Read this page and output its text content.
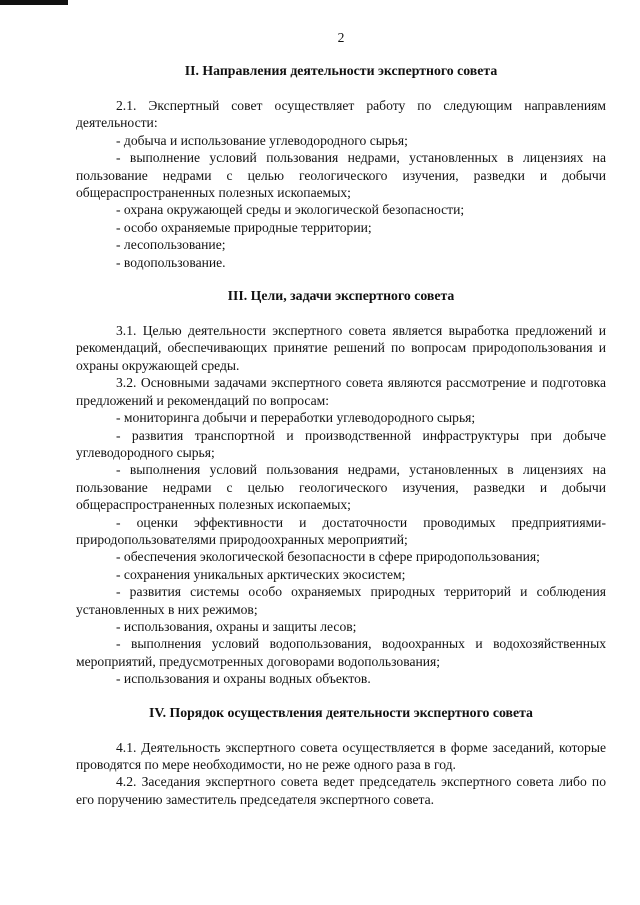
2
II. Направления деятельности экспертного совета

2.1. Экспертный совет осуществляет работу по следующим направлениям деятельности:

- добыча и использование углеводородного сырья;

- выполнение условий пользования недрами, установленных в лицензиях на пользование недрами с целью геологического изучения, разведки и добычи общераспространенных полезных ископаемых;

- охрана окружающей среды и экологической безопасности;

- особо охраняемые природные территории;

- лесопользование;

- водопользование.

III. Цели, задачи экспертного совета

3.1. Целью деятельности экспертного совета является выработка предложений и рекомендаций, обеспечивающих принятие решений по вопросам природопользования и охраны окружающей среды.

3.2. Основными задачами экспертного совета являются рассмотрение и подготовка предложений и рекомендаций по вопросам:

- мониторинга добычи и переработки углеводородного сырья;

- развития транспортной и производственной инфраструктуры при добыче углеводородного сырья;

- выполнения условий пользования недрами, установленных в лицензиях на пользование недрами с целью геологического изучения, разведки и добычи общераспространенных полезных ископаемых;

- оценки эффективности и достаточности проводимых предприятиями-природопользователями природоохранных мероприятий;

- обеспечения экологической безопасности в сфере природопользования;

- сохранения уникальных арктических экосистем;

- развития системы особо охраняемых природных территорий и соблюдения установленных в них режимов;

- использования, охраны и защиты лесов;

- выполнения условий водопользования, водоохранных и водохозяйственных мероприятий, предусмотренных договорами водопользования;

- использования и охраны водных объектов.

IV. Порядок осуществления деятельности экспертного совета

4.1. Деятельность экспертного совета осуществляется в форме заседаний, которые проводятся по мере необходимости, но не реже одного раза в год.

4.2. Заседания экспертного совета ведет председатель экспертного совета либо по его поручению заместитель председателя экспертного совета.
